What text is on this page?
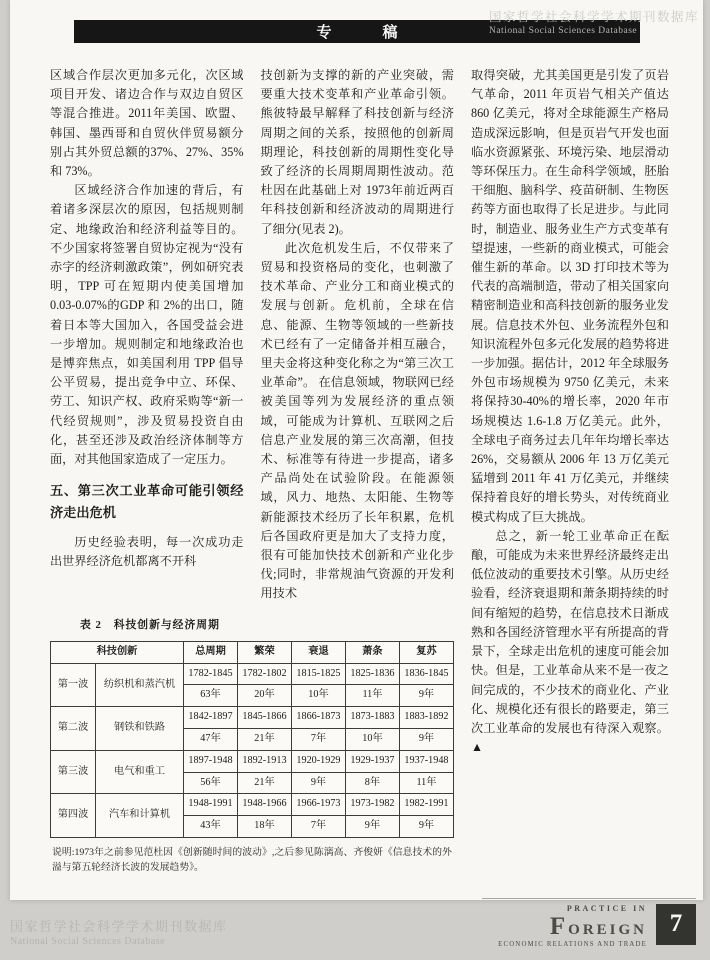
专　稿
国家哲学社会科学学术期刊数据库
National Social Sciences Database

区域合作层次更加多元化，次区域项目开发、诸边合作与双边自贸区等混合推进。2011年美国、欧盟、韩国、墨西哥和自贸伙伴贸易额分别占其外贸总额的37%、27%、35%和 73%。

区域经济合作加速的背后，有着诸多深层次的原因，包括规则制定、地缘政治和经济利益等目的。不少国家将签署自贸协定视为“没有赤字的经济刺激政策”，例如研究表明，TPP 可在短期内使美国增加 0.03-0.07%的GDP 和 2%的出口，随着日本等大国加入，各国受益会进一步增加。规则制定和地缘政治也是博弈焦点，如美国利用 TPP 倡导公平贸易，提出竞争中立、环保、劳工、知识产权、政府采购等“新一代经贸规则”，涉及贸易投资自由化，甚至还涉及政治经济体制等方面，对其他国家造成了一定压力。

五、第三次工业革命可能引领经济走出危机

历史经验表明，每一次成功走出世界经济危机都离不开科

技创新为支撑的新的产业突破，需要重大技术变革和产业革命引领。熊彼特最早解释了科技创新与经济周期之间的关系，按照他的创新周期理论，科技创新的周期性变化导致了经济的长周期周期性波动。范杜因在此基础上对 1973年前近两百年科技创新和经济波动的周期进行了细分(见表 2)。

此次危机发生后，不仅带来了贸易和投资格局的变化，也刺激了技术革命、产业分工和商业模式的发展与创新。危机前，全球在信息、能源、生物等领域的一些新技术已经有了一定储备并相互融合，里夫金将这种变化称之为“第三次工业革命”。 在信息领域，物联网已经被美国等列为发展经济的重点领域，可能成为计算机、互联网之后信息产业发展的第三次高潮，但技术、标准等有待进一步提高，诸多产品尚处在试验阶段。在能源领域，风力、地热、太阳能、生物等新能源技术经历了长年积累，危机后各国政府更是加大了支持力度，很有可能加快技术创新和产业化步伐;同时，非常规油气资源的开发利用技术

表 2　科技创新与经济周期
科技创新		总周期	繁荣	衰退	萧条	复苏
第一波	纺织机和蒸汽机	1782-1845	1782-1802	1815-1825	1825-1836	1836-1845
		63年	20年	10年	11年	9年
第二波	钢铁和铁路	1842-1897	1845-1866	1866-1873	1873-1883	1883-1892
		47年	21年	7年	10年	9年
第三波	电气和重工	1897-1948	1892-1913	1920-1929	1929-1937	1937-1948
		56年	21年	9年	8年	11年
第四波	汽车和计算机	1948-1991	1948-1966	1966-1973	1973-1982	1982-1991
		43年	18年	7年	9年	9年
说明:1973年之前参见范杜因《创新随时间的波动》,之后参见陈漓高、齐俊妍《信息技术的外溢与第五轮经济长波的发展趋势》。

取得突破，尤其美国更是引发了页岩气革命，2011 年页岩气相关产值达 860 亿美元，将对全球能源生产格局造成深远影响，但是页岩气开发也面临水资源紧张、环境污染、地层滑动等环保压力。在生命科学领域，胚胎干细胞、脑科学、疫苗研制、生物医药等方面也取得了长足进步。与此同时，制造业、服务业生产方式变革有望提速，一些新的商业模式，可能会催生新的革命。以 3D 打印技术等为代表的高端制造，带动了相关国家向精密制造业和高科技创新的服务业发展。信息技术外包、业务流程外包和知识流程外包多元化发展的趋势将进一步加强。据估计，2012 年全球服务外包市场规模为 9750 亿美元，未来将保持30-40%的增长率，2020 年市场规模达 1.6-1.8 万亿美元。此外，全球电子商务过去几年年均增长率达 26%，交易额从 2006 年 13 万亿美元猛增到 2011 年 41 万亿美元，并继续保持着良好的增长势头，对传统商业模式构成了巨大挑战。

总之，新一轮工业革命正在酝酿，可能成为未来世界经济最终走出低位波动的重要技术引擎。从历史经验看，经济衰退期和萧条期持续的时间有缩短的趋势，在信息技术日渐成熟和各国经济管理水平有所提高的背景下，全球走出危机的速度可能会加快。但是，工业革命从来不是一夜之间完成的，不少技术的商业化、产业化、规模化还有很长的路要走，第三次工业革命的发展也有待深入观察。▲

国家哲学社会科学学术期刊数据库
National Social Sciences Database
PRACTICE IN
FOREIGN
ECONOMIC RELATIONS AND TRADE
7
